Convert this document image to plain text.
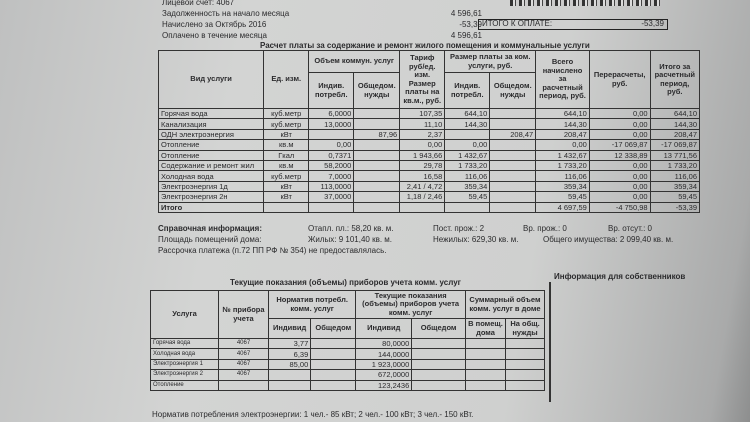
Лицевой счет: 4067
Задолженность на начало месяца	4 596,61
Начислено за Октябрь 2016	-53,39
Оплачено в течение месяца	4 596,61
ИТОГО К ОПЛАТЕ:	-53,39
Расчет платы за содержание и ремонт жилого помещения и коммунальные услуги
Вид услуги	Ед. изм.	Объем коммун. услуг		Тариф руб/ед. изм. Размер платы на кв.м., руб.	Размер платы за ком. услуги, руб.		Всего начислено за расчетный период, руб.	Перерасчеты, руб.	Итого за расчетный период, руб.
		Индив. потребл.	Общедом. нужды		Индив. потребл.	Общедом. нужды			
Горячая вода	куб.метр	6,0000		107,35	644,10		644,10	0,00	644,10
Канализация	куб.метр	13,0000		11,10	144,30		144,30	0,00	144,30
ОДН электроэнергия	кВт		87,96	2,37		208,47	208,47	0,00	208,47
Отопление	кв.м	0,00		0,00	0,00		0,00	-17 069,87	-17 069,87
Отопление	Гкал	0,7371		1 943,66	1 432,67		1 432,67	12 338,89	13 771,56
Содержание и ремонт жил	кв.м	58,2000		29,78	1 733,20		1 733,20	0,00	1 733,20
Холодная вода	куб.метр	7,0000		16,58	116,06		116,06	0,00	116,06
Электроэнергия 1д	кВт	113,0000		2,41 / 4,72	359,34		359,34	0,00	359,34
Электроэнергия 2н	кВт	37,0000		1,18 / 2,46	59,45		59,45	0,00	59,45
Итого							4 697,59	-4 750,98	-53,39
Справочная информация:	Отапл. пл.: 58,20 кв. м.	Пост. прож.: 2	Вр. прож.: 0	Вр. отсут.: 0
Площадь помещений дома:	Жилых: 9 101,40 кв. м.	Нежилых: 629,30 кв. м.	Общего имущества: 2 099,40 кв. м.
Рассрочка платежа (п.72 ПП РФ № 354) не предоставлялась.
Текущие показания (объемы) приборов учета комм. услуг
Информация для собственников
Услуга	№ прибора учета	Норматив потребл. комм. услуг		Текущие показания (объемы) приборов учета комм. услуг		Суммарный объем комм. услуг в доме	
		Индивид	Общедом	Индивид	Общедом	В помещ. дома	На общ. нужды
Горячая вода	4067	3,77		80,0000			
Холодная вода	4067	6,39		144,0000			
Электроэнергия 1	4067	85,00		1 923,0000			
Электроэнергия 2	4067			672,0000			
Отопление				123,2436			
Норматив потребления электроэнергии: 1 чел.- 85 кВт; 2 чел.- 100 кВт; 3 чел.- 150 кВт.
